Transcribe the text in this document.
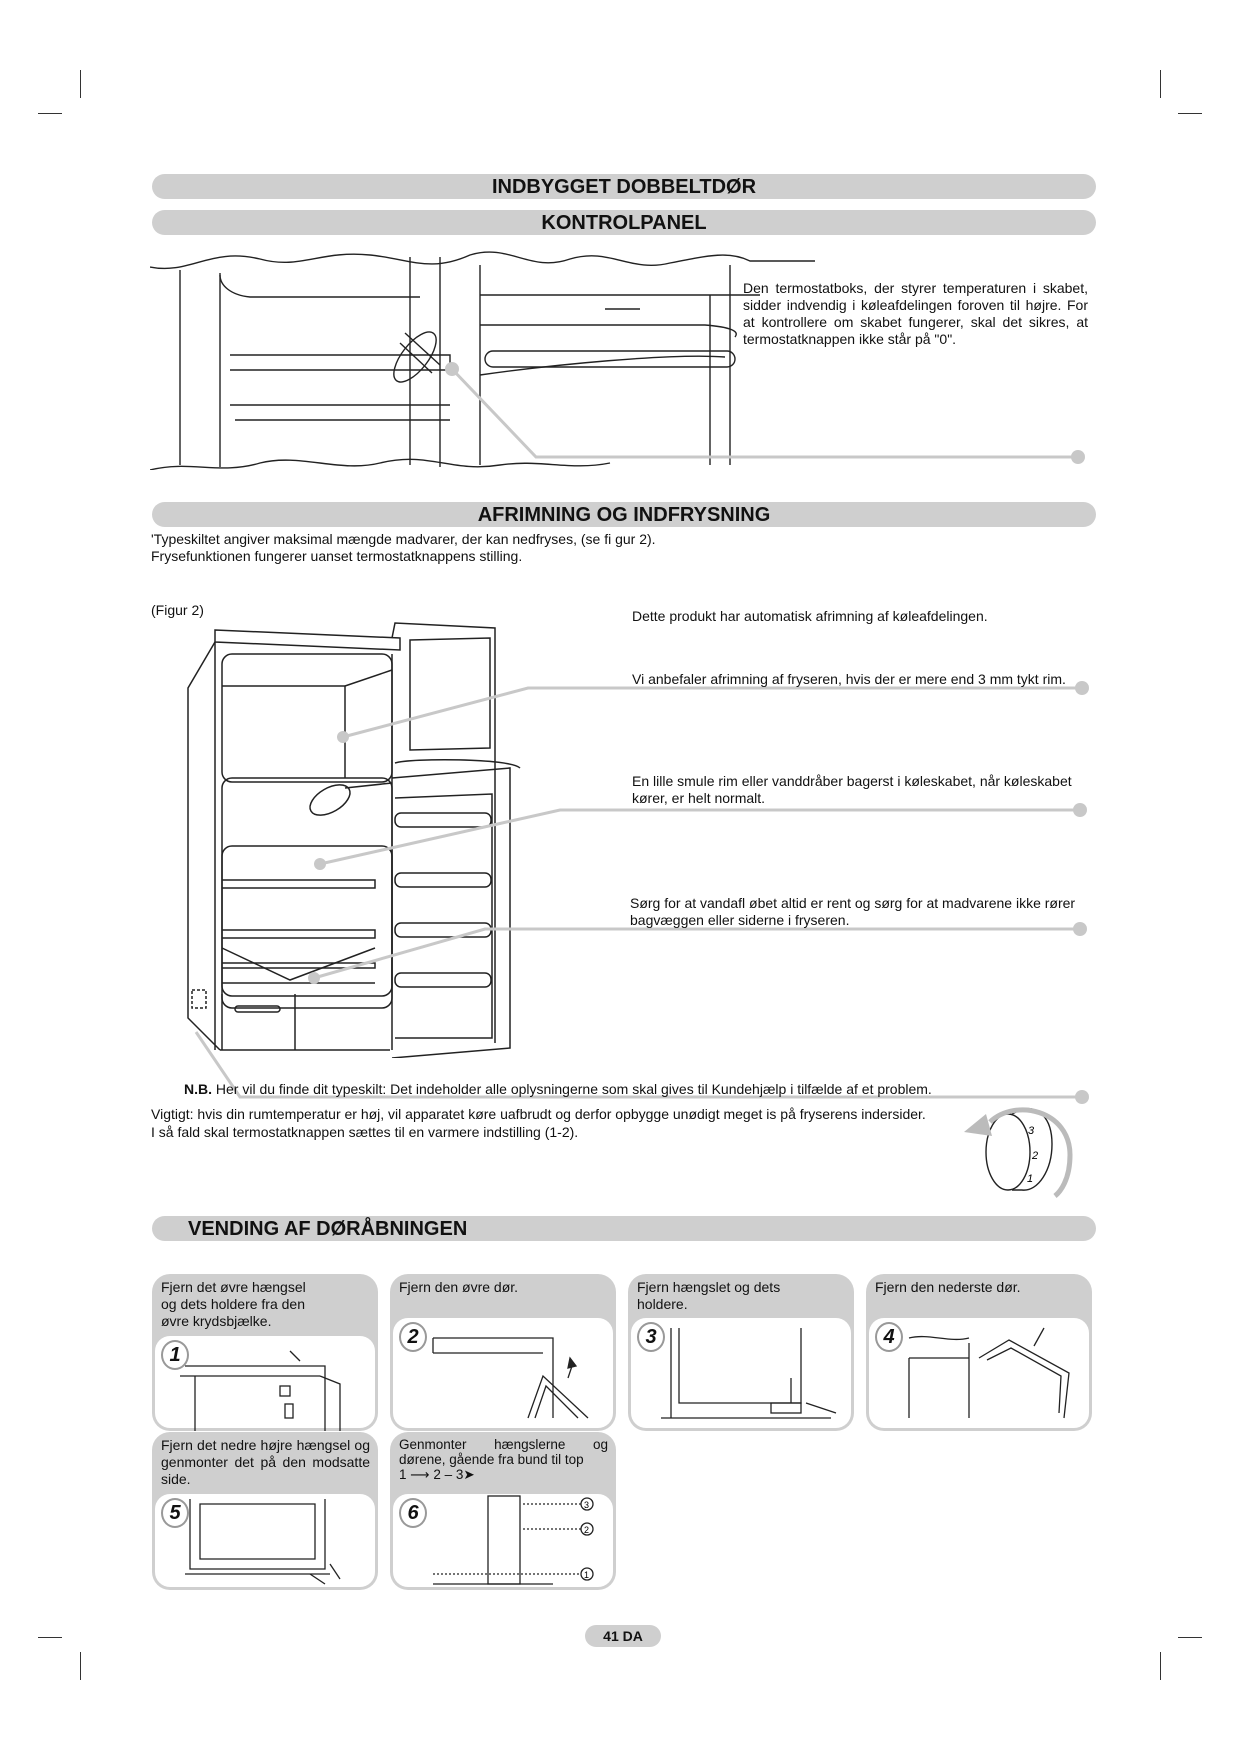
INDBYGGET DOBBELTDØR
KONTROLPANEL
Den termostatboks, der styrer temperaturen i skabet, sidder indvendig i køleafdelingen foroven til højre. For at kontrollere om skabet fungerer, skal det sikres, at termostatknappen ikke står på "0".
AFRIMNING OG INDFRYSNING
'Typeskiltet angiver maksimal mængde madvarer, der kan nedfryses, (se fi gur 2).
Frysefunktionen fungerer uanset termostatknappens stilling.
(Figur 2)	Dette produkt har automatisk afrimning af køleafdelingen.
Vi anbefaler afrimning af fryseren, hvis der er mere end 3 mm tykt rim.
En lille smule rim eller vanddråber bagerst i køleskabet, når køleskabet kører, er helt normalt.
Sørg for at vandafl øbet altid er rent og sørg for at madvarene ikke rører bagvæggen eller siderne i fryseren.
N.B. Her vil du finde dit typeskilt: Det indeholder alle oplysningerne som skal gives til Kundehjælp i tilfælde af et problem.
Vigtigt: hvis din rumtemperatur er høj, vil apparatet køre uafbrudt og derfor opbygge unødigt meget is på fryserens indersider.
I så fald skal termostatknappen sættes til en varmere indstilling (1-2).	3
2
1
VENDING AF DØRÅBNINGEN
Fjern det øvre hængsel og dets holdere fra den øvre krydsbjælke.
1
Fjern den øvre dør.
2
Fjern hængslet og dets holdere.
3
Fjern den nederste dør.
4
Fjern det nedre højre hængsel og genmonter det på den modsatte side.
5
Genmonter hængslerne og dørene, gående fra bund til top
1 ⟶ 2 – 3➤
6	3
2
1
41 DA
